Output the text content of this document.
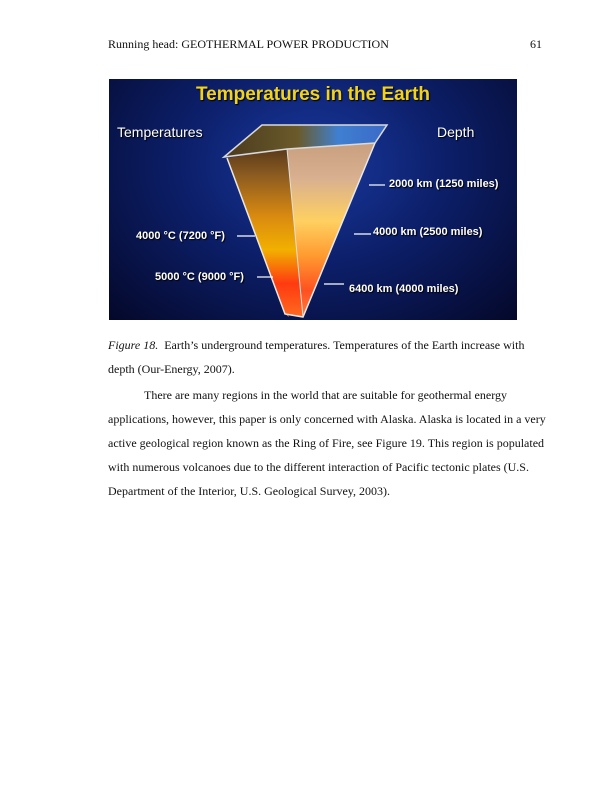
Running head: GEOTHERMAL POWER PRODUCTION	61
Temperatures in the Earth
Temperatures	Depth
4000 °C (7200 °F)
5000 °C (9000 °F)
2000 km (1250 miles)
4000 km (2500 miles)
6400 km (4000 miles)
Figure 18. Earth’s underground temperatures. Temperatures of the Earth increase with depth (Our-Energy, 2007).
There are many regions in the world that are suitable for geothermal energy applications, however, this paper is only concerned with Alaska. Alaska is located in a very active geological region known as the Ring of Fire, see Figure 19. This region is populated with numerous volcanoes due to the different interaction of Pacific tectonic plates (U.S. Department of the Interior, U.S. Geological Survey, 2003).
